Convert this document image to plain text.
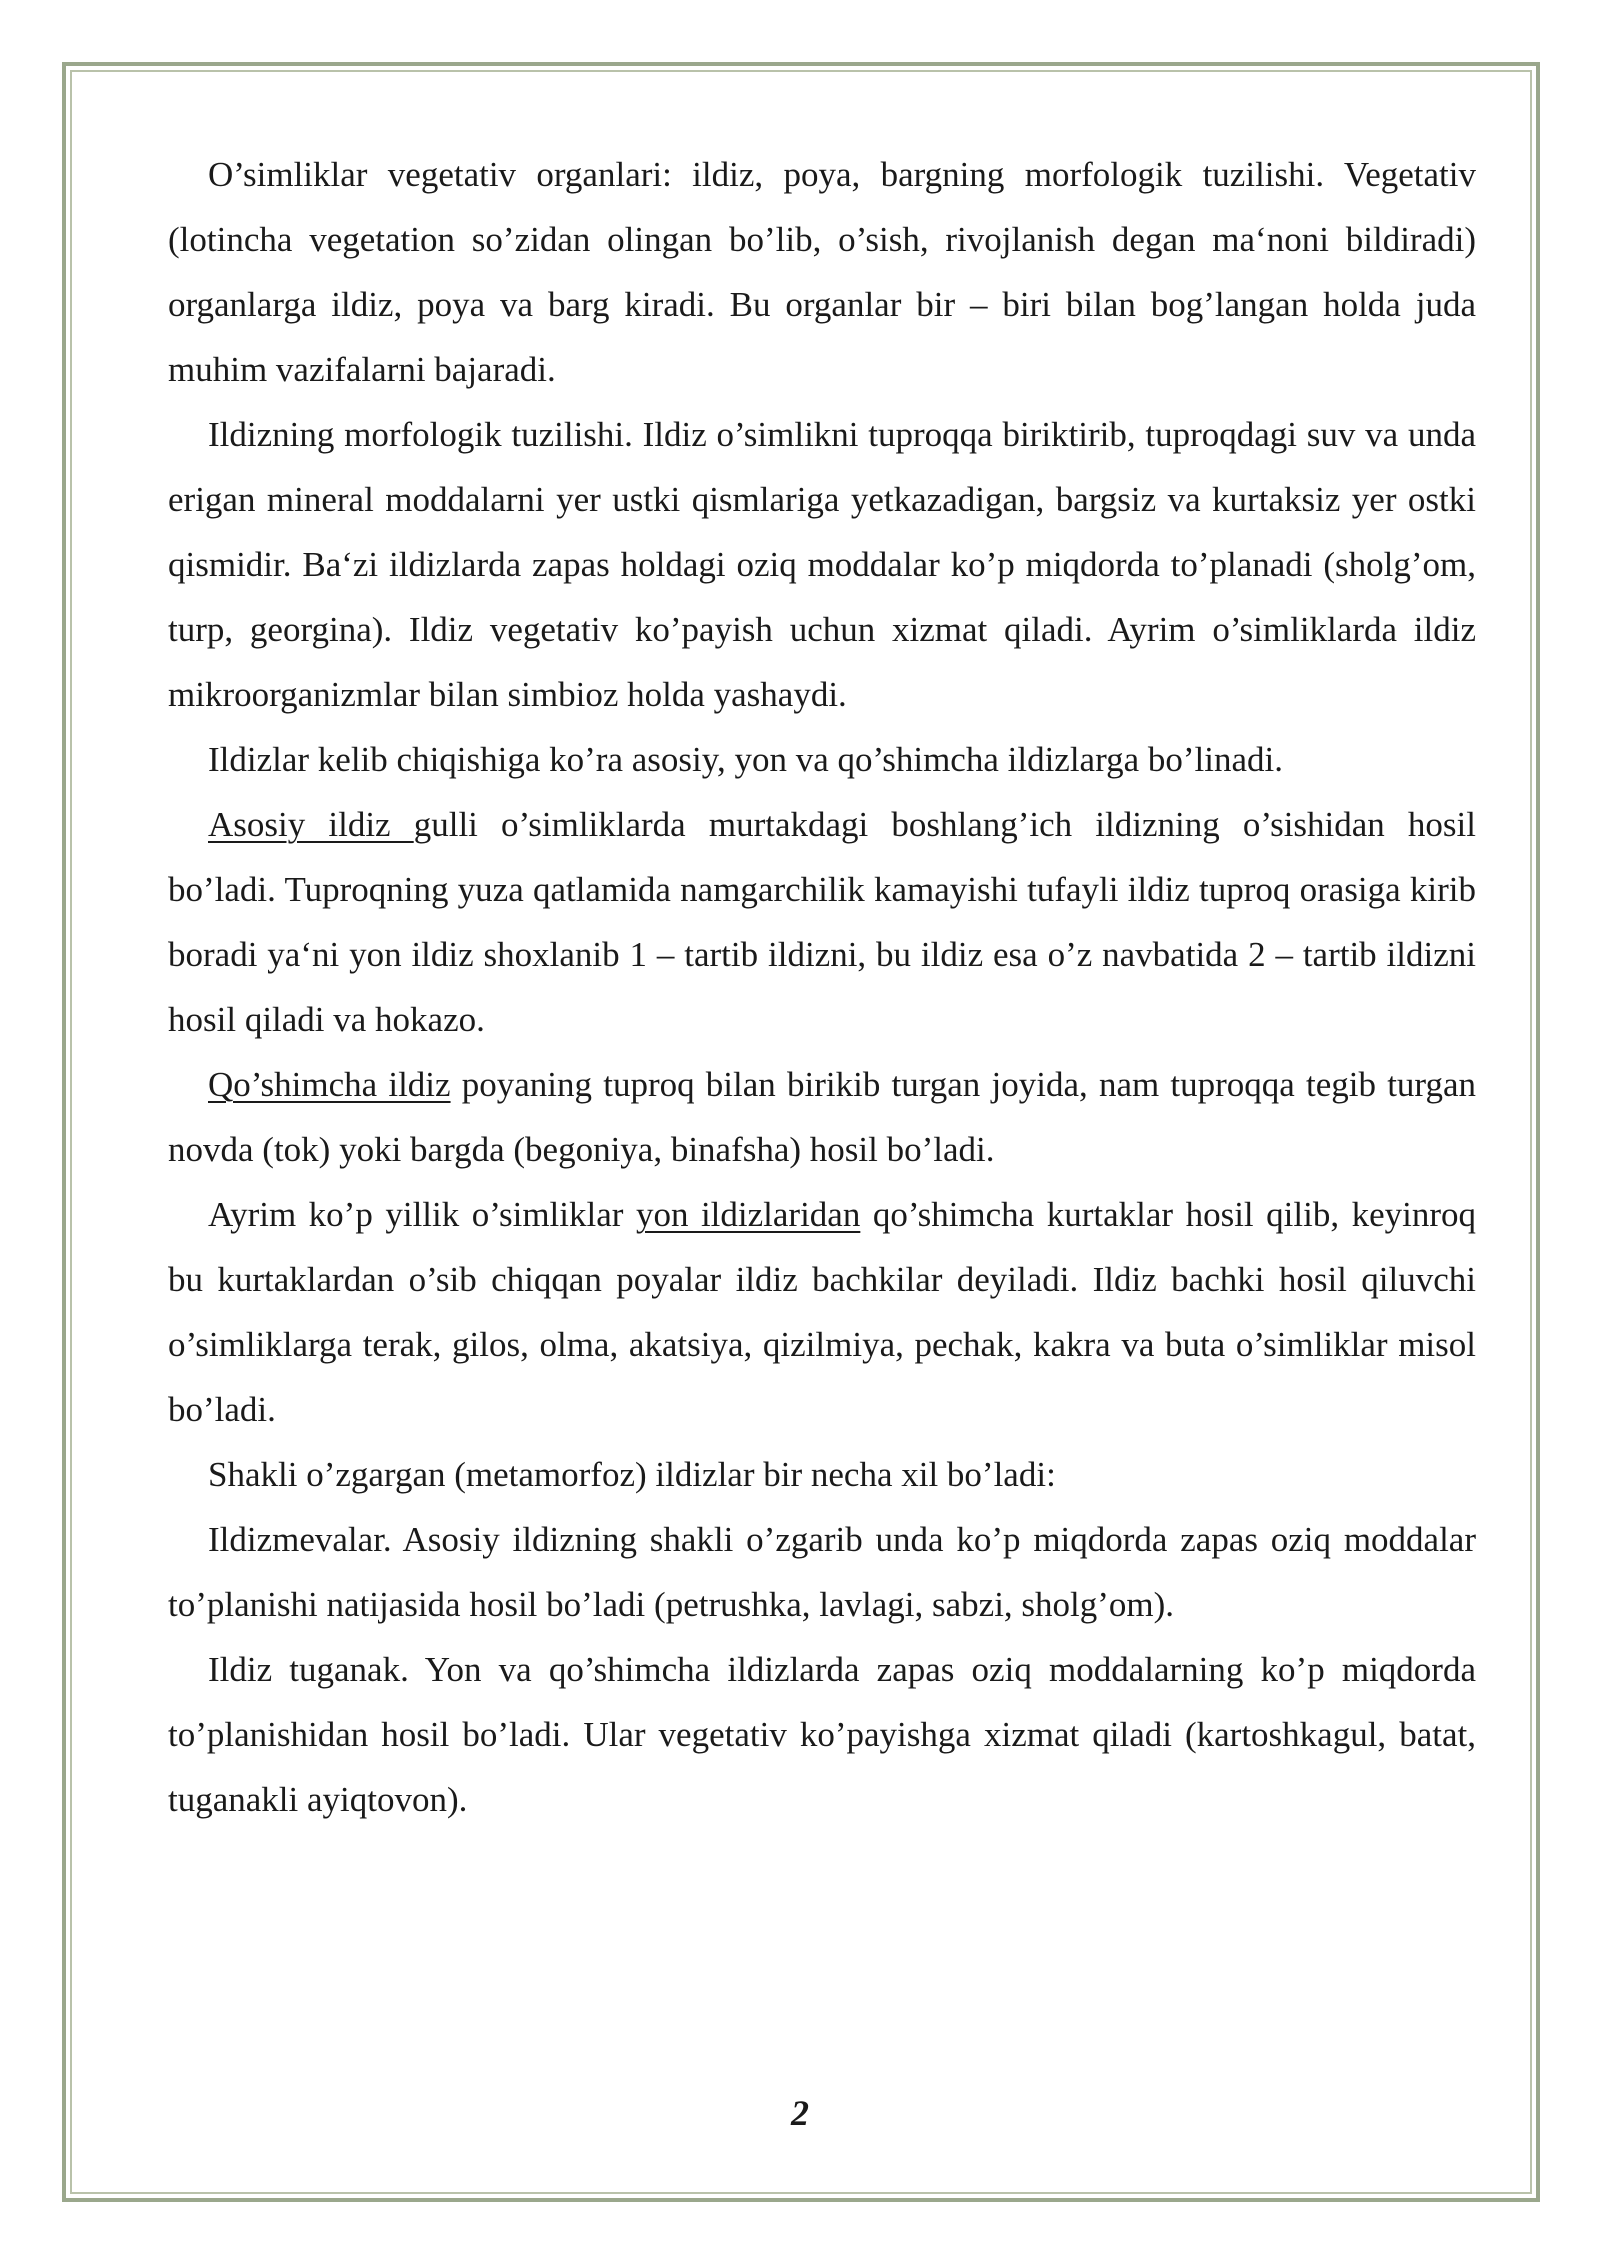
O’simliklar vegetativ organlari: ildiz, poya, bargning morfologik tuzilishi. Vegetativ (lotincha vegetation so’zidan olingan bo’lib, o’sish, rivojlanish degan ma‘noni bildiradi) organlarga ildiz, poya va barg kiradi. Bu organlar bir – biri bilan bog’langan holda juda muhim vazifalarni bajaradi.

Ildizning morfologik tuzilishi. Ildiz o’simlikni tuproqqa biriktirib, tuproqdagi suv va unda erigan mineral moddalarni yer ustki qismlariga yetkazadigan, bargsiz va kurtaksiz yer ostki qismidir. Ba‘zi ildizlarda zapas holdagi oziq moddalar ko’p miqdorda to’planadi (sholg’om, turp, georgina). Ildiz vegetativ ko’payish uchun xizmat qiladi. Ayrim o’simliklarda ildiz mikroorganizmlar bilan simbioz holda yashaydi.

Ildizlar kelib chiqishiga ko’ra asosiy, yon va qo’shimcha ildizlarga bo’linadi.

Asosiy ildiz gulli o’simliklarda murtakdagi boshlang’ich ildizning o’sishidan hosil bo’ladi. Tuproqning yuza qatlamida namgarchilik kamayishi tufayli ildiz tuproq orasiga kirib boradi ya‘ni yon ildiz shoxlanib 1 – tartib ildizni, bu ildiz esa o’z navbatida 2 – tartib ildizni hosil qiladi va hokazo.

Qo’shimcha ildiz poyaning tuproq bilan birikib turgan joyida, nam tuproqqa tegib turgan novda (tok) yoki bargda (begoniya, binafsha) hosil bo’ladi.

Ayrim ko’p yillik o’simliklar yon ildizlaridan qo’shimcha kurtaklar hosil qilib, keyinroq bu kurtaklardan o’sib chiqqan poyalar ildiz bachkilar deyiladi. Ildiz bachki hosil qiluvchi o’simliklarga terak, gilos, olma, akatsiya, qizilmiya, pechak, kakra va buta o’simliklar misol bo’ladi.

Shakli o’zgargan (metamorfoz) ildizlar bir necha xil bo’ladi:

Ildizmevalar. Asosiy ildizning shakli o’zgarib unda ko’p miqdorda zapas oziq moddalar to’planishi natijasida hosil bo’ladi (petrushka, lavlagi, sabzi, sholg’om).

Ildiz tuganak. Yon va qo’shimcha ildizlarda zapas oziq moddalarning ko’p miqdorda to’planishidan hosil bo’ladi. Ular vegetativ ko’payishga xizmat qiladi (kartoshkagul, batat, tuganakli ayiqtovon).

2
